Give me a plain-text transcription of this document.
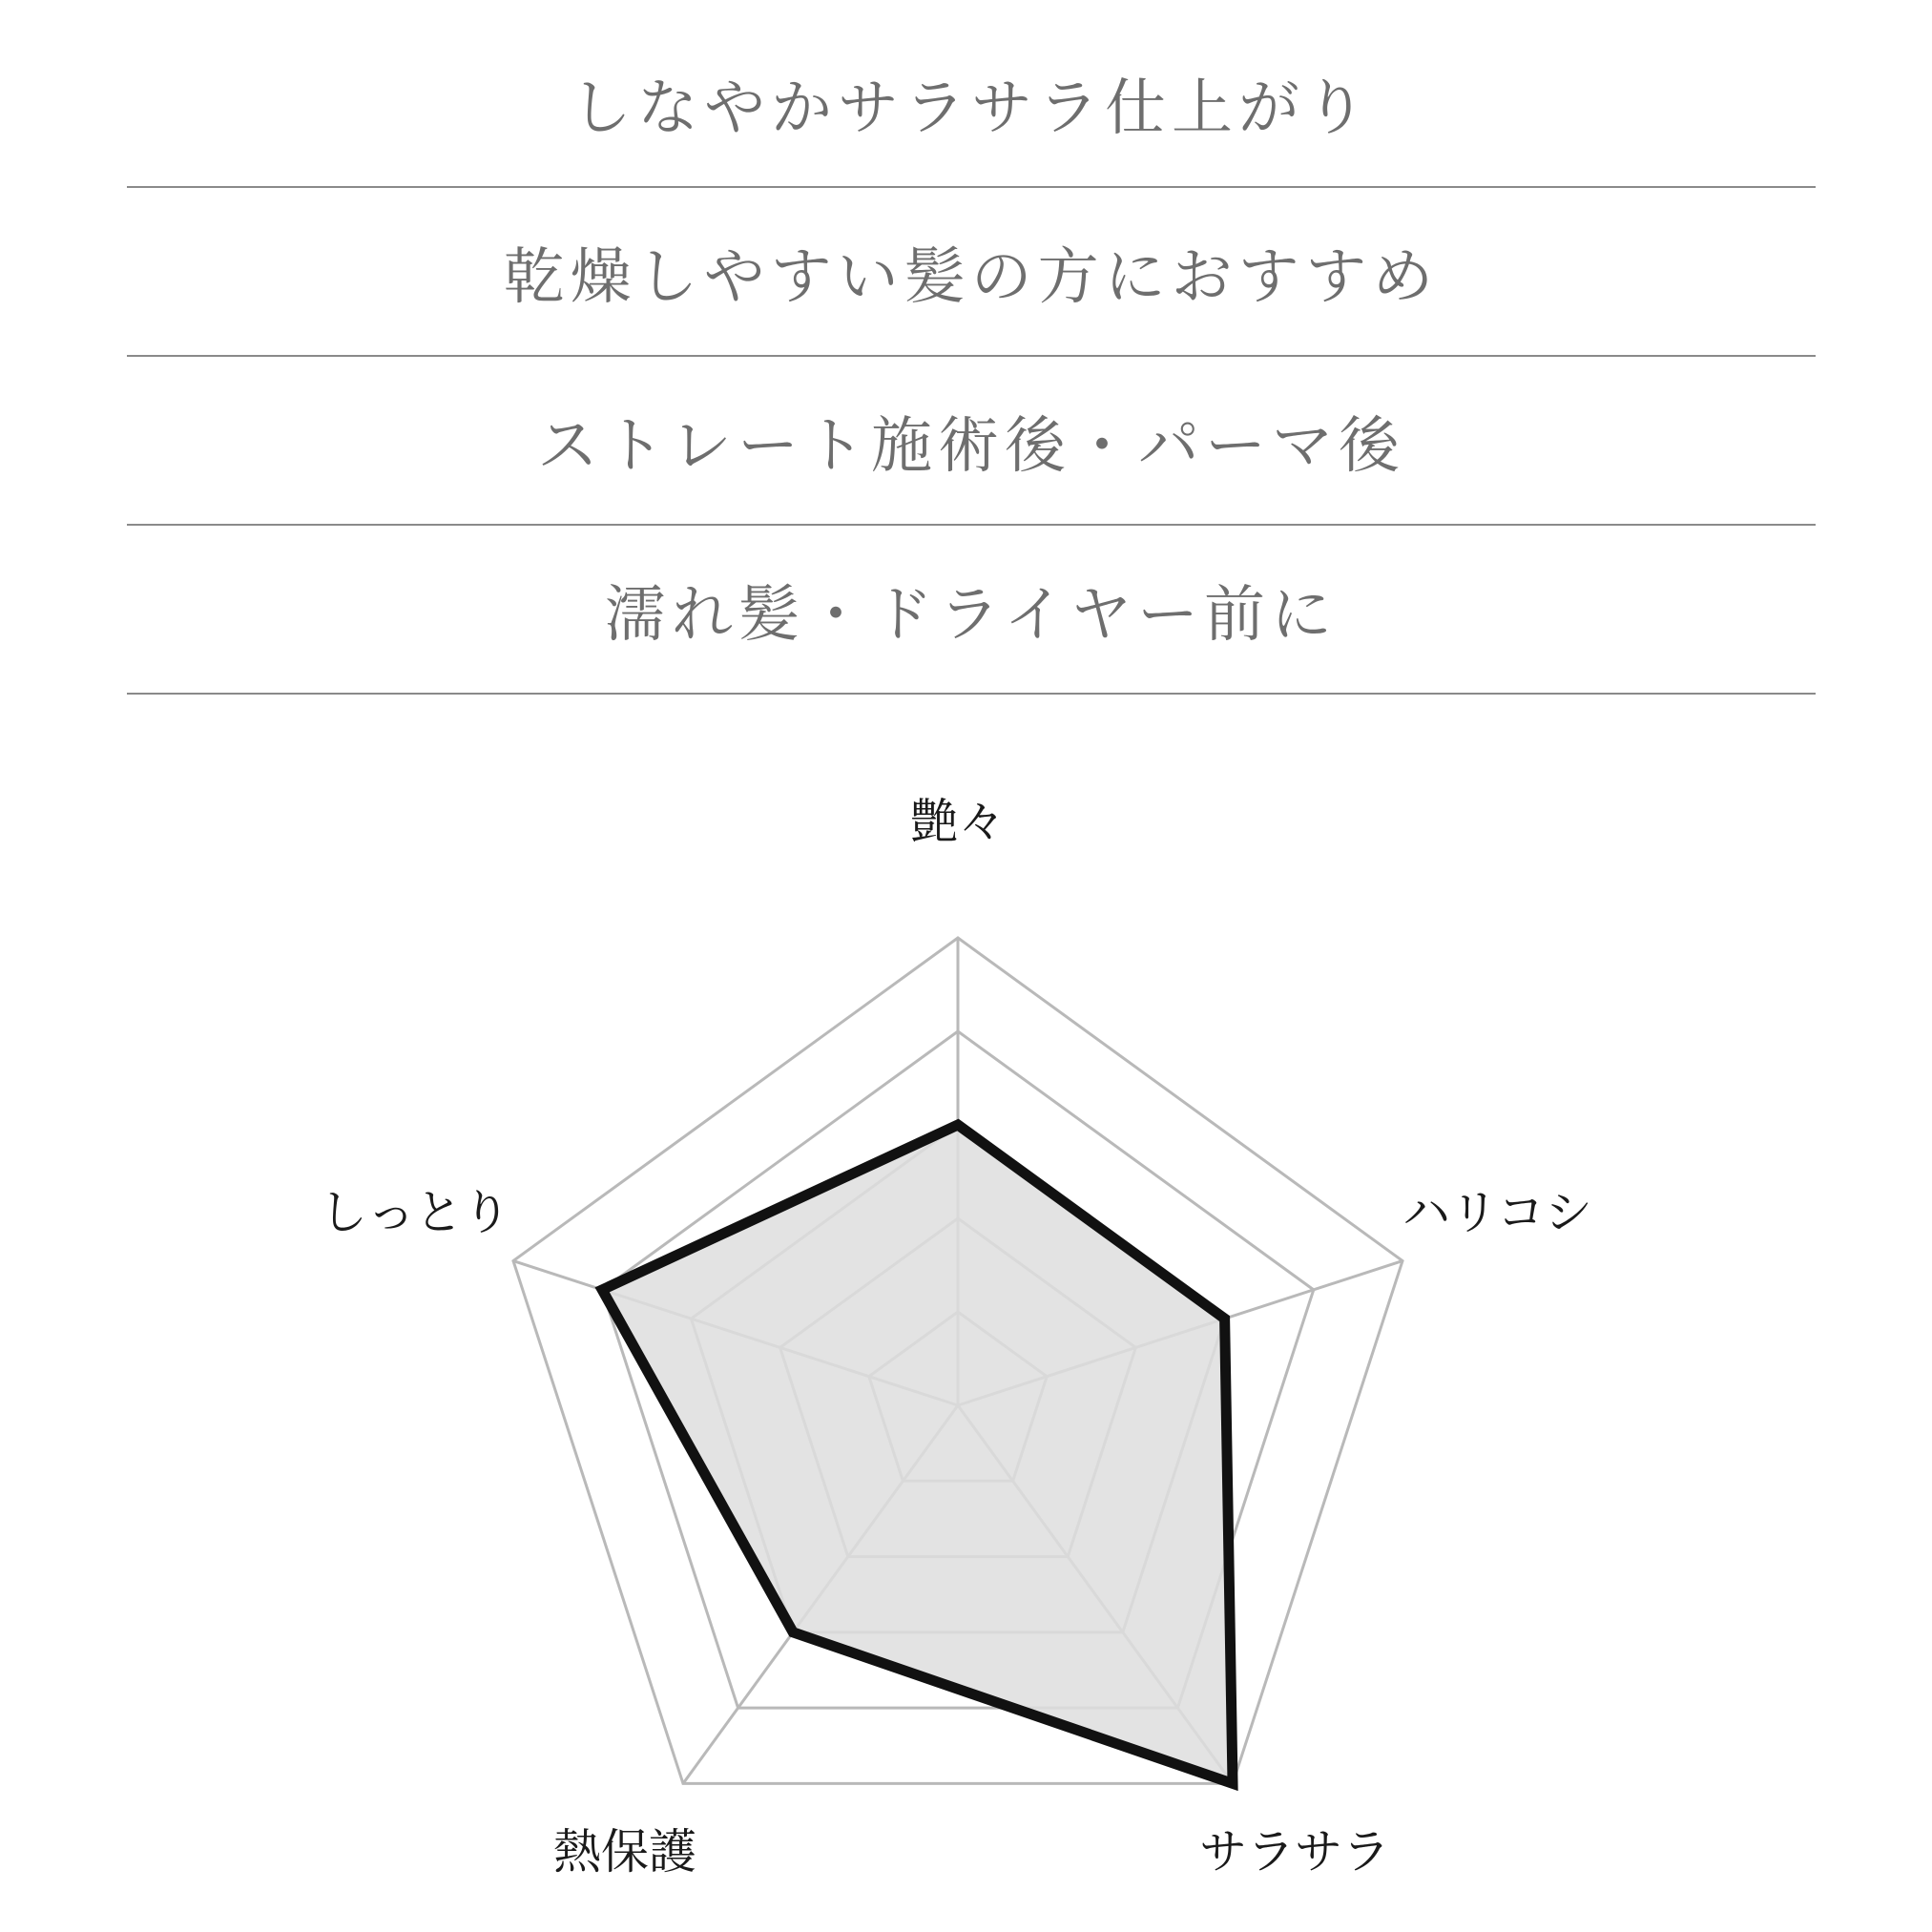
しなやかサラサラ仕上がり
乾燥しやすい髪の方におすすめ
ストレート施術後・パーマ後
濡れ髪・ドライヤー前に
艶々
ハリコシ
サラサラ
熱保護
しっとり
